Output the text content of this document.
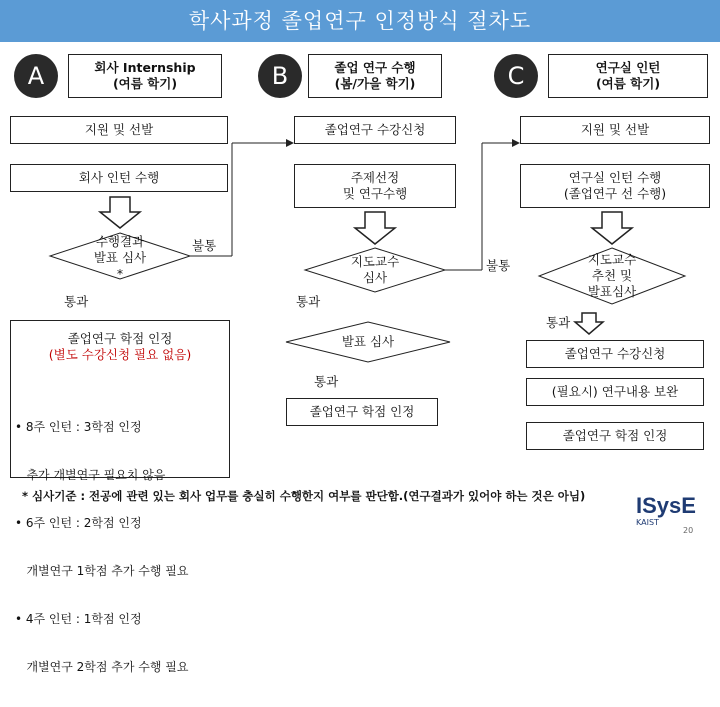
학사과정 졸업연구 인정방식 절차도
A	회사 Internship
(여름 학기)
지원 및 선발
회사 인턴 수행
수행결과
발표 심사
*
불통
통과
졸업연구 학점 인정
(별도 수강신청 필요 없음)

• 8주 인턴 : 3학점 인정

추가 개별연구 필요치 않음

• 6주 인턴 : 2학점 인정

개별연구 1학점 추가 수행 필요

• 4주 인턴 : 1학점 인정

개별연구 2학점 추가 수행 필요

B	졸업 연구 수행
(봄/가을 학기)
졸업연구 수강신청
주제선정
및 연구수행
지도교수
심사
불통
통과
발표 심사
통과
졸업연구 학점 인정
C	연구실 인턴
(여름 학기)
지원 및 선발
연구실 인턴 수행
(졸업연구 선 수행)
지도교수
추천 및
발표심사
통과
졸업연구 수강신청
(필요시) 연구내용 보완
졸업연구 학점 인정
* 심사기준 : 전공에 관련 있는 회사 업무를 충실히 수행한지 여부를 판단함.(연구결과가 있어야 하는 것은 아님) ISysE
KAIST
20
